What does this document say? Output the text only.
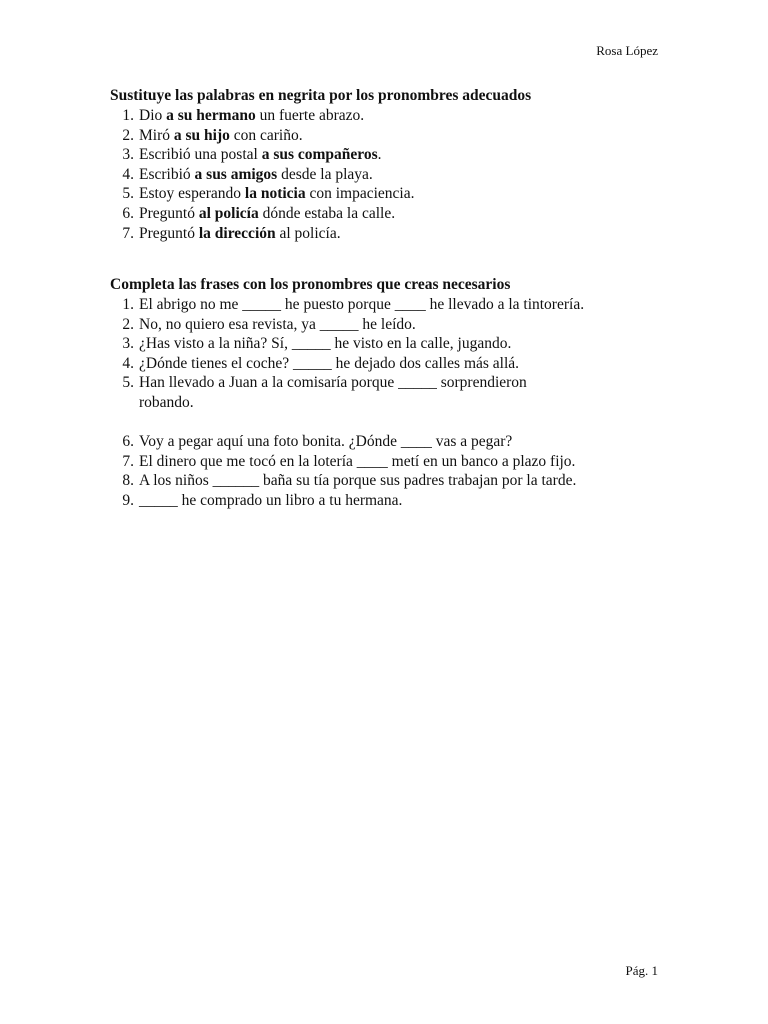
Rosa López
Sustituye las palabras en negrita por los pronombres adecuados
1. Dio a su hermano un fuerte abrazo.
2. Miró a su hijo con cariño.
3. Escribió una postal a sus compañeros.
4. Escribió a sus amigos desde la playa.
5. Estoy esperando la noticia con impaciencia.
6. Preguntó al policía dónde estaba la calle.
7. Preguntó la dirección al policía.
Completa las frases con los pronombres que creas necesarios
1. El abrigo no me _____ he puesto porque ____ he llevado a la tintorería.
2. No, no quiero esa revista, ya _____ he leído.
3. ¿Has visto a la niña? Sí, _____ he visto en la calle, jugando.
4. ¿Dónde tienes el coche? _____ he dejado dos calles más allá.
5. Han llevado a Juan a la comisaría porque _____ sorprendieron
robando.
6. Voy a pegar aquí una foto bonita. ¿Dónde ____ vas a pegar?
7. El dinero que me tocó en la lotería ____ metí en un banco a plazo fijo.
8. A los niños ______ baña su tía porque sus padres trabajan por la tarde.
9. _____ he comprado un libro a tu hermana.
Pág. 1
